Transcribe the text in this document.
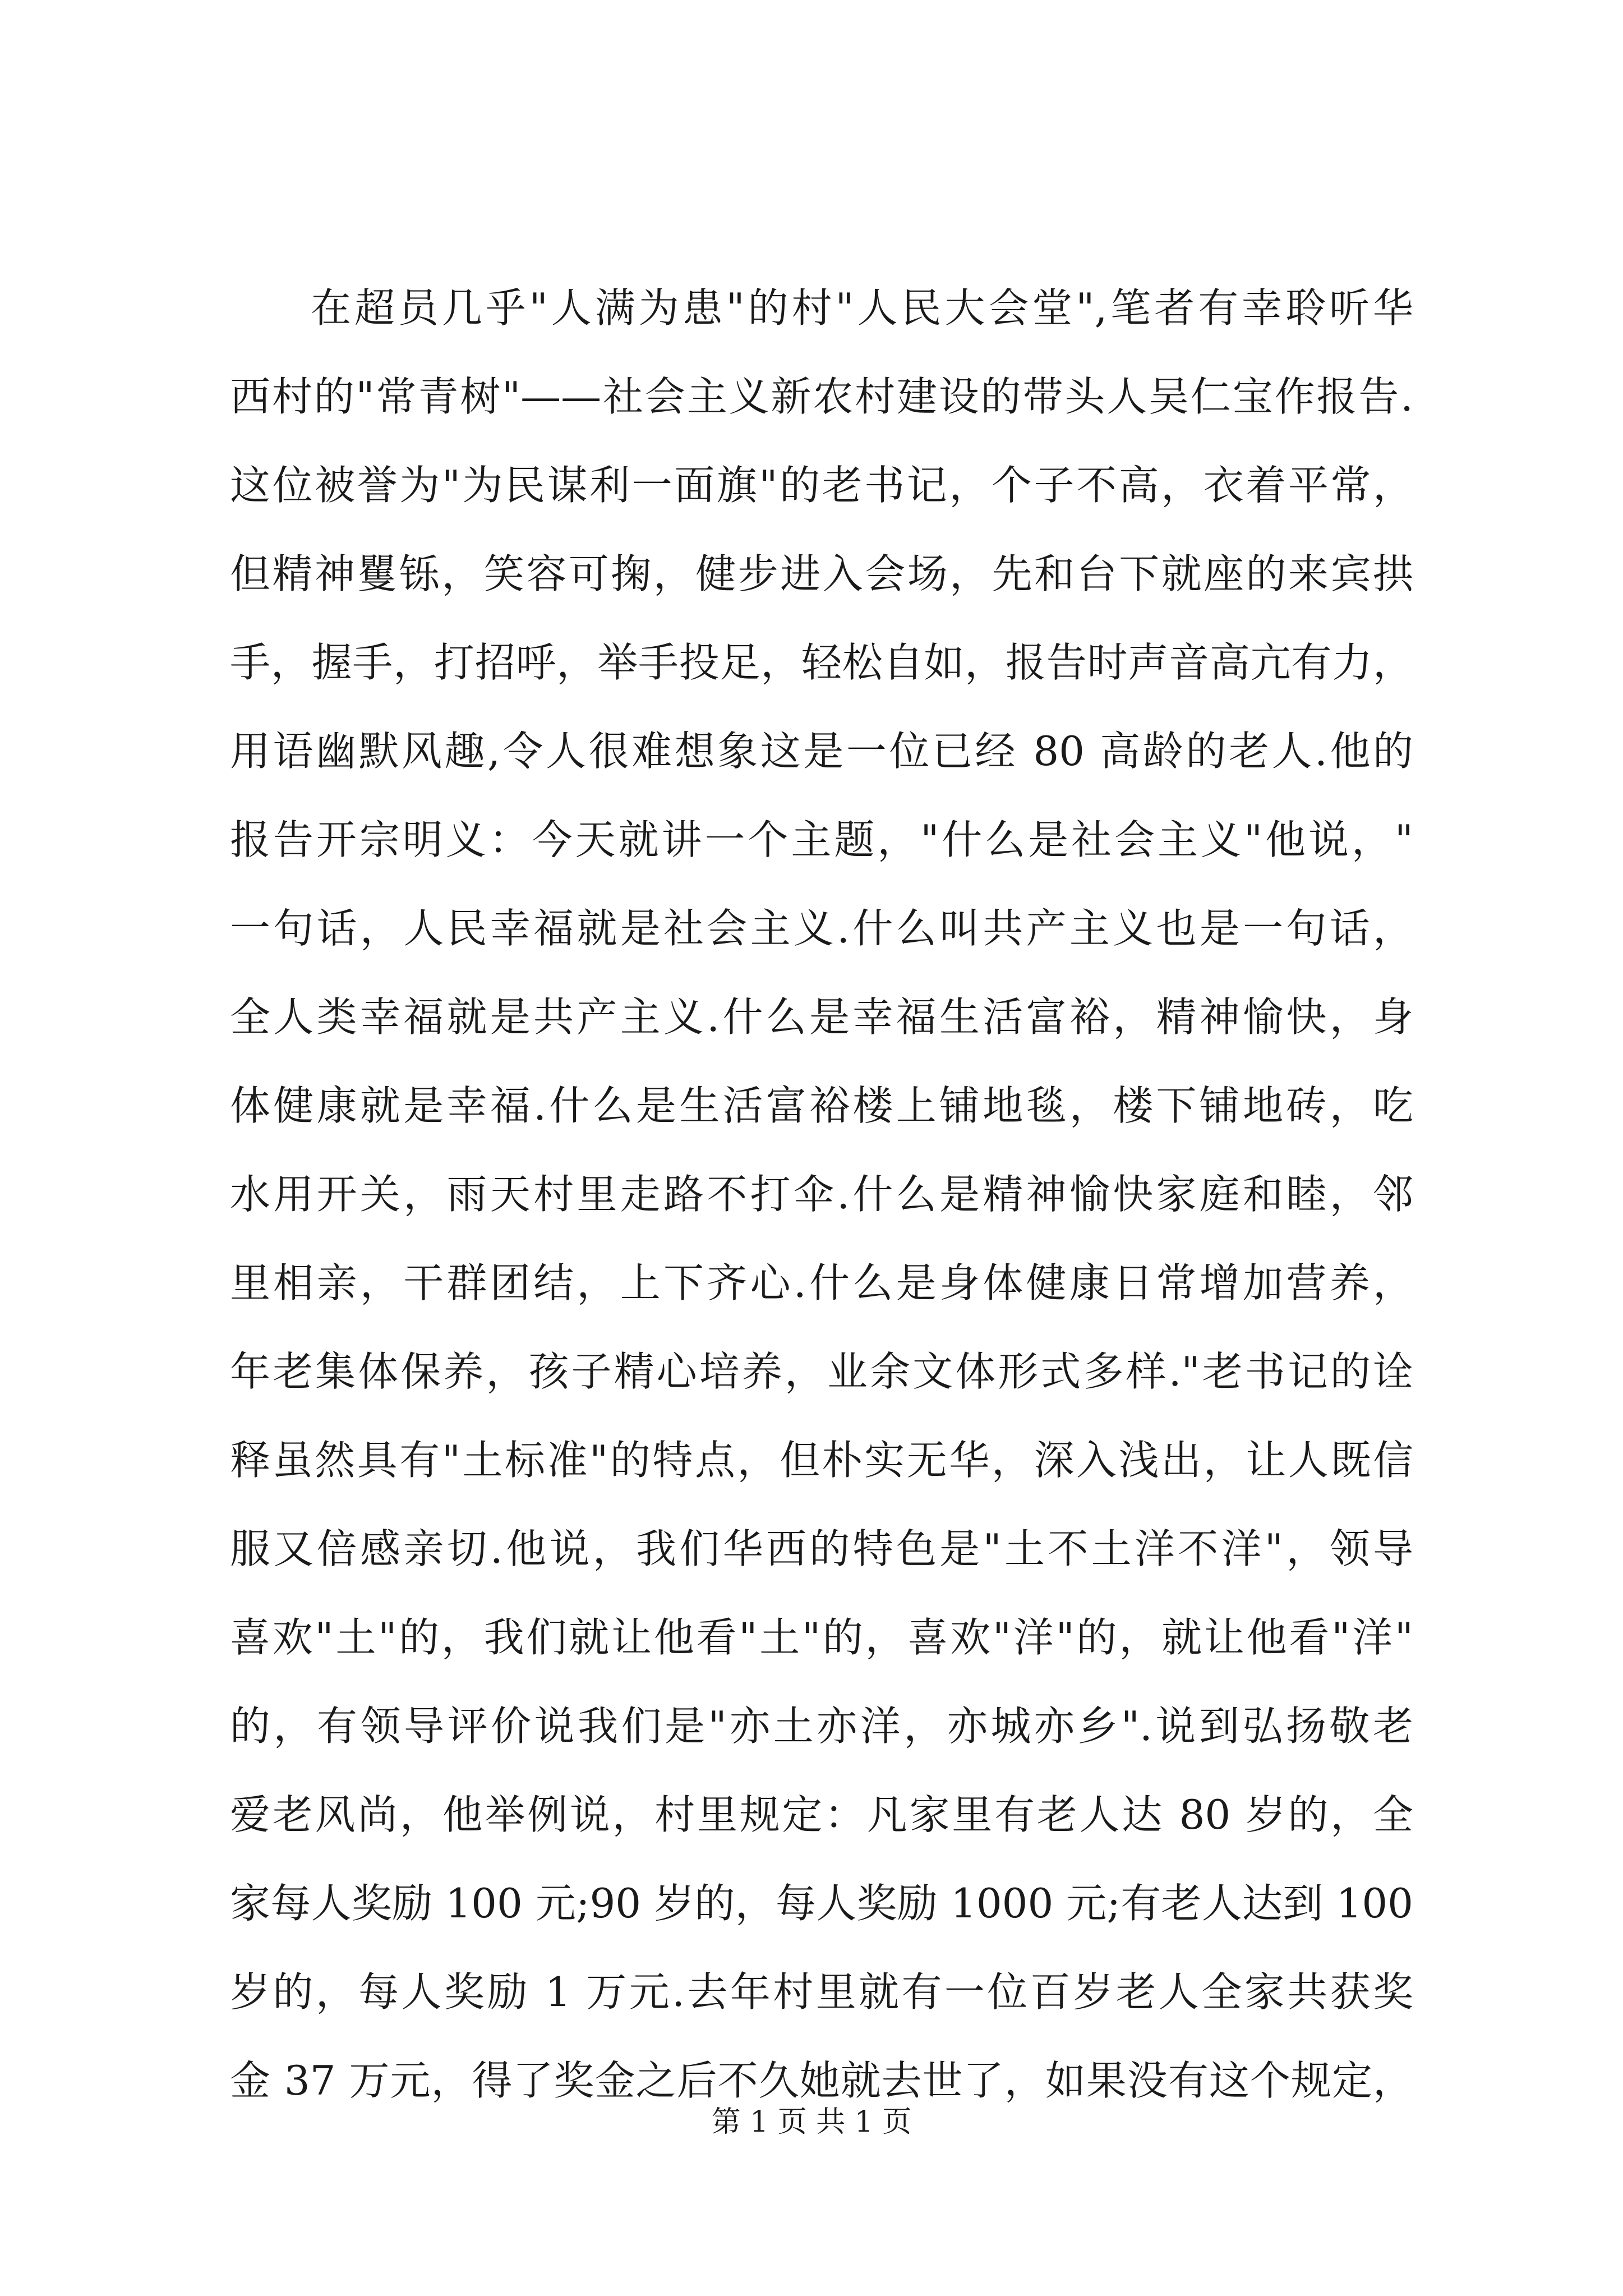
在超员几乎"人满为患"的村"人民大会堂",笔者有幸聆听华
西村的"常青树"——社会主义新农村建设的带头人吴仁宝作报告.
这位被誉为"为民谋利一面旗"的老书记，个子不高，衣着平常，
但精神矍铄，笑容可掬，健步进入会场，先和台下就座的来宾拱
手，握手，打招呼，举手投足，轻松自如，报告时声音高亢有力，
用语幽默风趣,令人很难想象这是一位已经 80 高龄的老人.他的
报告开宗明义：今天就讲一个主题，"什么是社会主义"他说，"
一句话，人民幸福就是社会主义.什么叫共产主义也是一句话，
全人类幸福就是共产主义.什么是幸福生活富裕，精神愉快，身
体健康就是幸福.什么是生活富裕楼上铺地毯，楼下铺地砖，吃
水用开关，雨天村里走路不打伞.什么是精神愉快家庭和睦，邻
里相亲，干群团结，上下齐心.什么是身体健康日常增加营养，
年老集体保养，孩子精心培养，业余文体形式多样."老书记的诠
释虽然具有"土标准"的特点，但朴实无华，深入浅出，让人既信
服又倍感亲切.他说，我们华西的特色是"土不土洋不洋"，领导
喜欢"土"的，我们就让他看"土"的，喜欢"洋"的，就让他看"洋"
的，有领导评价说我们是"亦土亦洋，亦城亦乡".说到弘扬敬老
爱老风尚，他举例说，村里规定：凡家里有老人达 80 岁的，全
家每人奖励 100 元;90 岁的，每人奖励 1000 元;有老人达到 100
岁的，每人奖励 1 万元.去年村里就有一位百岁老人全家共获奖
金 37 万元，得了奖金之后不久她就去世了，如果没有这个规定，
第 1 页 共 1 页
